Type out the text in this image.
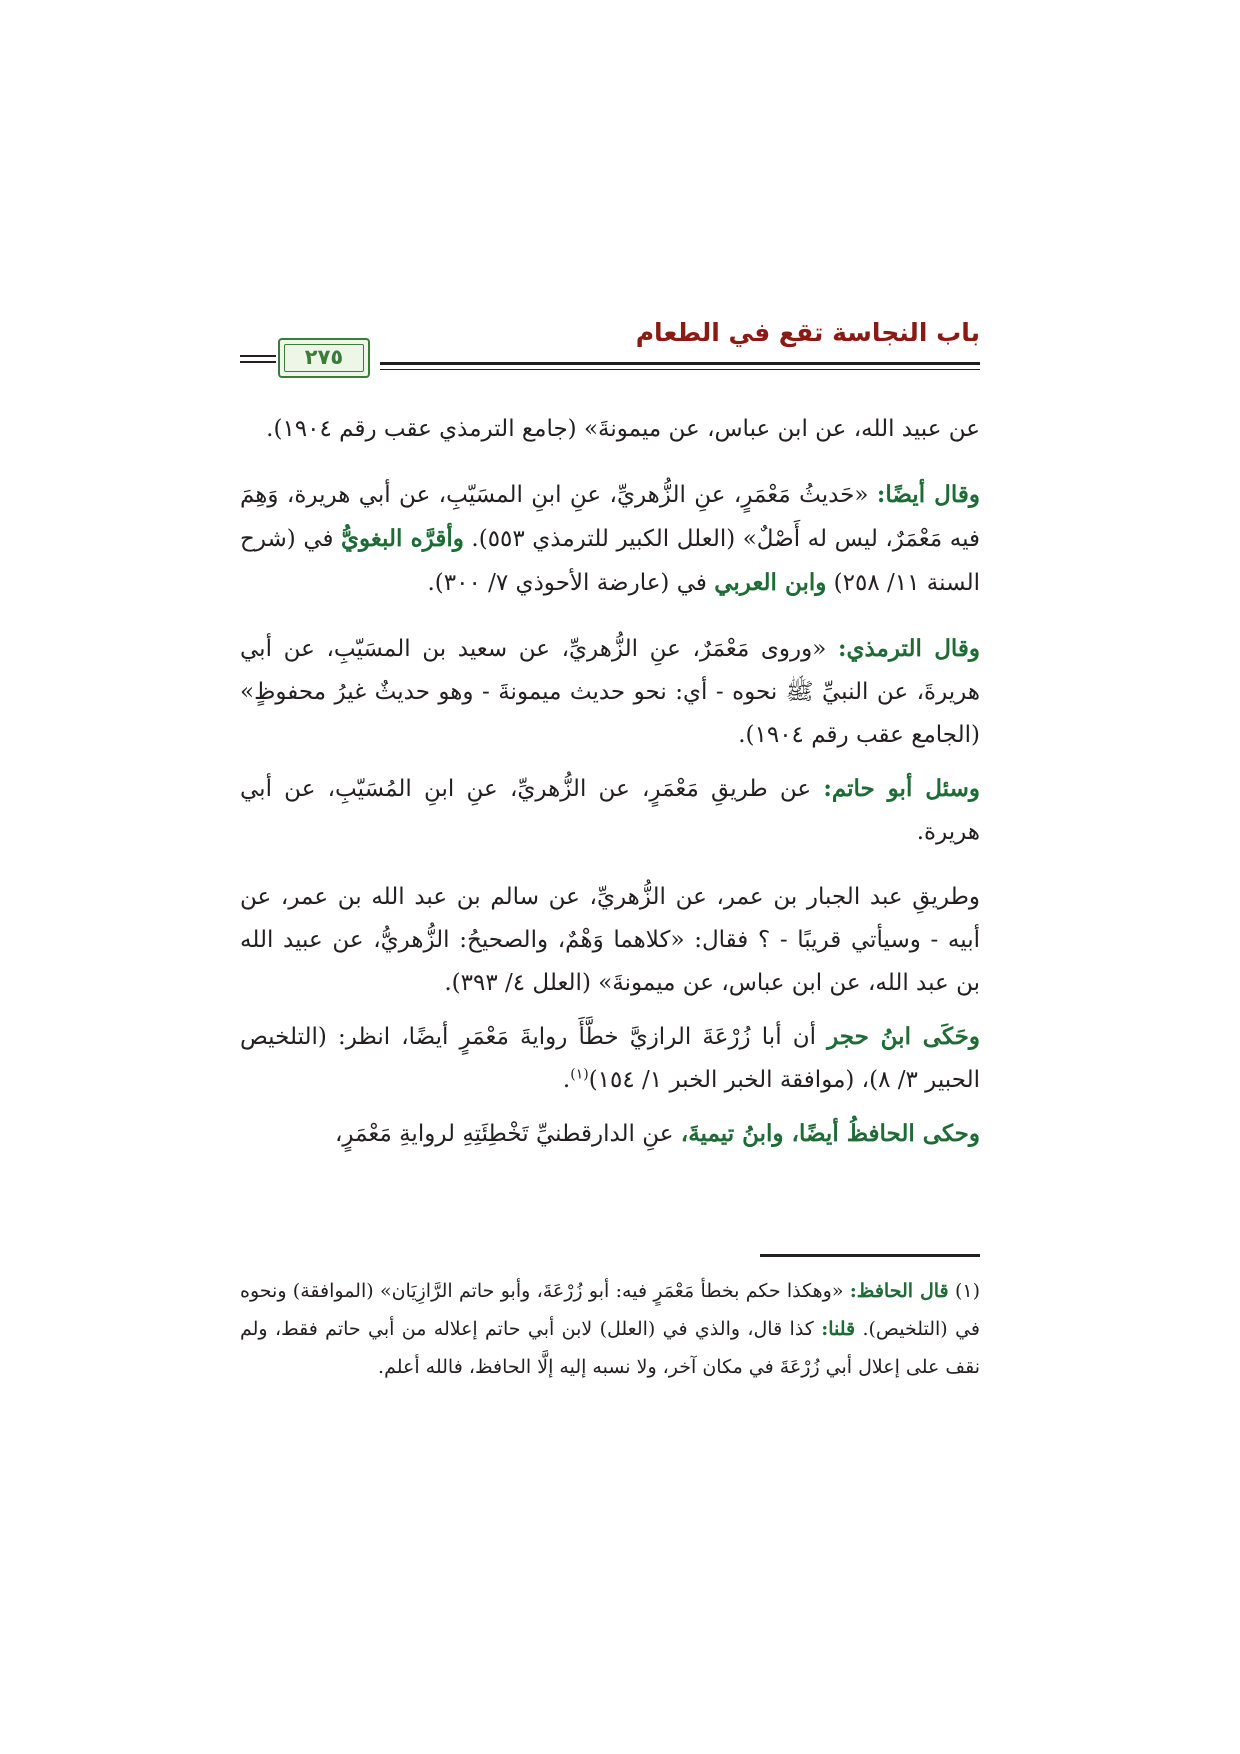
باب النجاسة تقع في الطعام
٢٧٥

عن عبيد الله، عن ابن عباس، عن ميمونةَ» (جامع الترمذي عقب رقم ١٩٠٤).

وقال أيضًا: «حَديثُ مَعْمَرٍ، عنِ الزُّهريِّ، عنِ ابنِ المسَيّبِ، عن أبي هريرة، وَهِمَ فيه مَعْمَرٌ، ليس له أَصْلٌ» (العلل الكبير للترمذي ٥٥٣). وأقرَّه البغويُّ في (شرح السنة ١١/ ٢٥٨) وابن العربي في (عارضة الأحوذي ٧/ ٣٠٠).

وقال الترمذي: «وروى مَعْمَرٌ، عنِ الزُّهريِّ، عن سعيد بن المسَيّبِ، عن أبي هريرةَ، عن النبيِّ ﷺ نحوه - أي: نحو حديث ميمونةَ - وهو حديثٌ غيرُ محفوظٍ» (الجامع عقب رقم ١٩٠٤).

وسئل أبو حاتم: عن طريقِ مَعْمَرٍ، عن الزُّهريِّ، عنِ ابنِ المُسَيّبِ، عن أبي هريرة.

وطريقِ عبد الجبار بن عمر، عن الزُّهريِّ، عن سالم بن عبد الله بن عمر، عن أبيه - وسيأتي قريبًا - ؟ فقال: «كلاهما وَهْمٌ، والصحيحُ: الزُّهريُّ، عن عبيد الله بن عبد الله، عن ابن عباس، عن ميمونةَ» (العلل ٤/ ٣٩٣).

وحَكَى ابنُ حجر أن أبا زُرْعَةَ الرازيَّ خطَّأَ روايةَ مَعْمَرٍ أيضًا، انظر: (التلخيص الحبير ٣/ ٨)، (موافقة الخبر الخبر ١/ ١٥٤)$^{(١)}$.

وحكى الحافظُ أيضًا، وابنُ تيميةَ، عنِ الدارقطنيِّ تَخْطِئَتِهِ لروايةِ مَعْمَرٍ،

(١) قال الحافظ: «وهكذا حكم بخطأ مَعْمَرٍ فيه: أبو زُرْعَةَ، وأبو حاتم الرَّازِيَان» (الموافقة) ونحوه في (التلخيص). قلنا: كذا قال، والذي في (العلل) لابن أبي حاتم إعلاله من أبي حاتم فقط، ولم نقف على إعلال أبي زُرْعَةَ في مكان آخر، ولا نسبه إليه إلَّا الحافظ، فالله أعلم.
